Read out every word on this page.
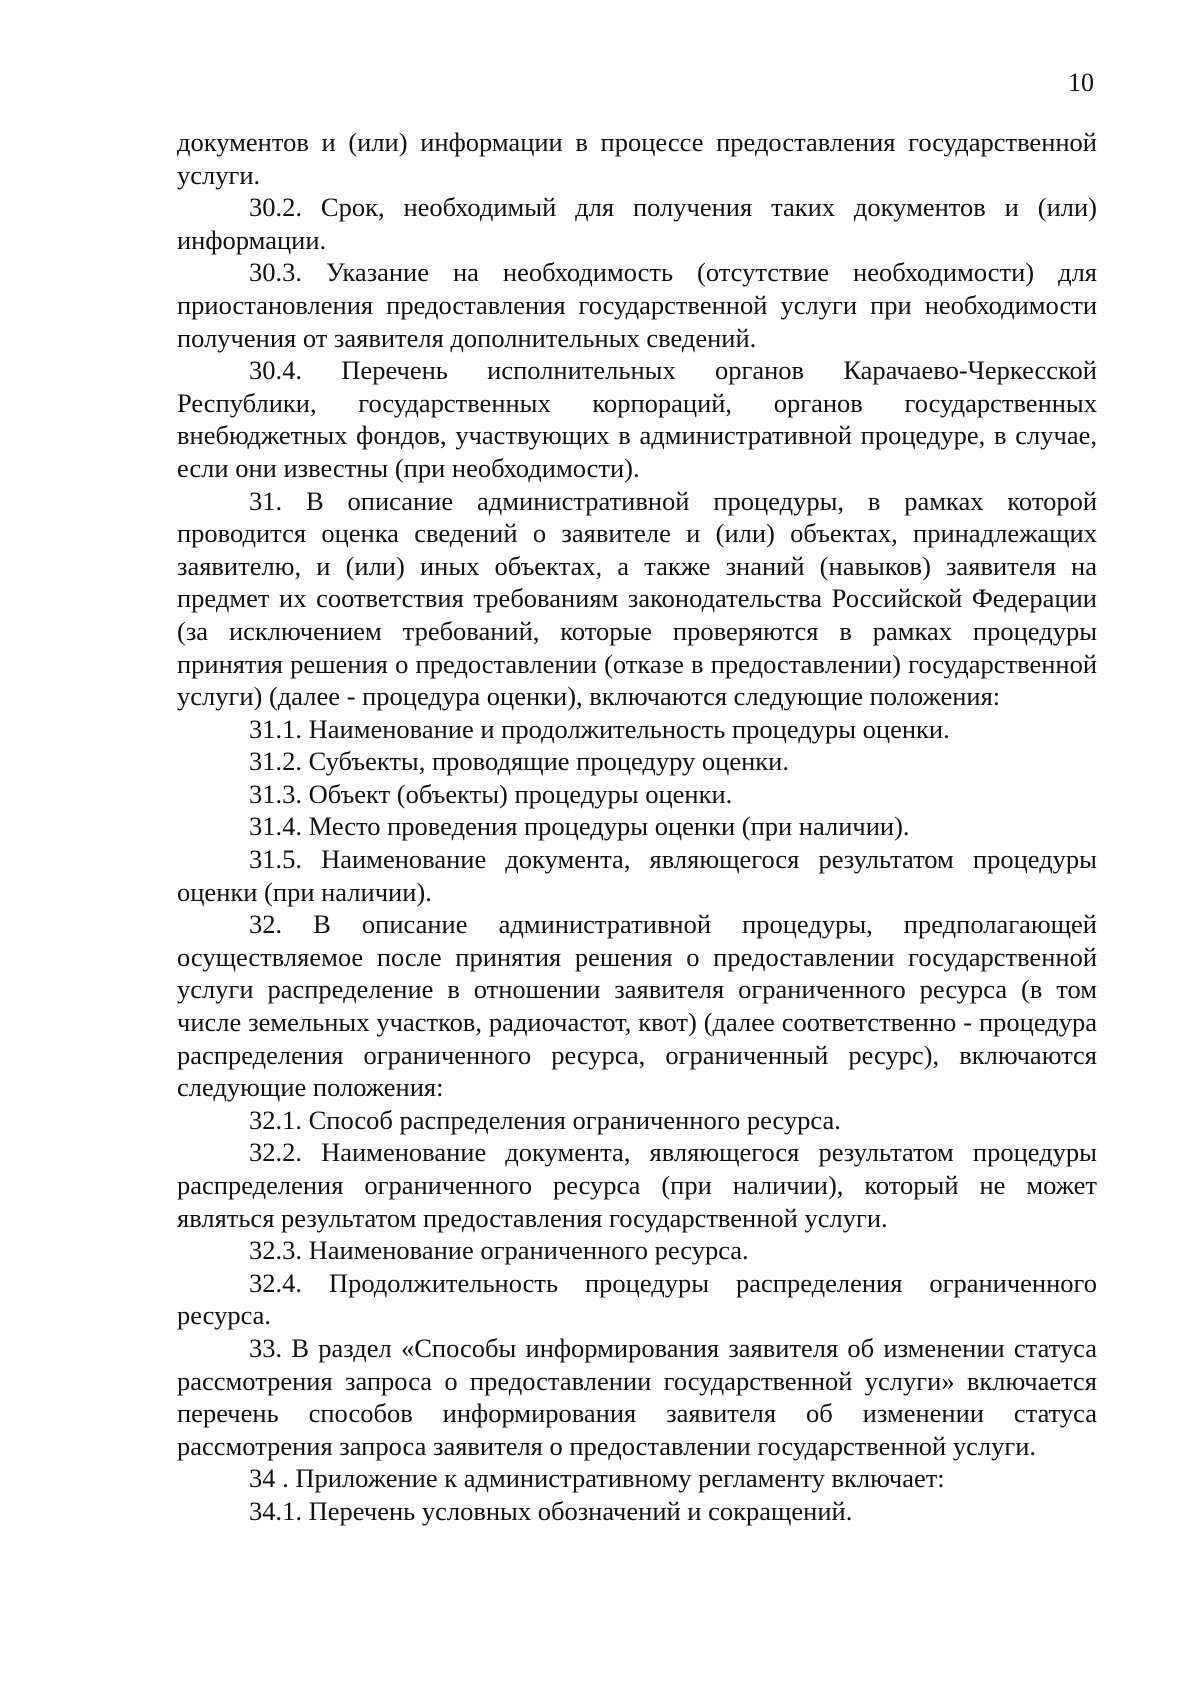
10

документов и (или) информации в процессе предоставления государственной услуги.

30.2. Срок, необходимый для получения таких документов и (или) информации.

30.3. Указание на необходимость (отсутствие необходимости) для приостановления предоставления государственной услуги при необходимости получения от заявителя дополнительных сведений.

30.4. Перечень исполнительных органов Карачаево-Черкесской Республики, государственных корпораций, органов государственных внебюджетных фондов, участвующих в административной процедуре, в случае, если они известны (при необходимости).

31. В описание административной процедуры, в рамках которой проводится оценка сведений о заявителе и (или) объектах, принадлежащих заявителю, и (или) иных объектах, а также знаний (навыков) заявителя на предмет их соответствия требованиям законодательства Российской Федерации (за исключением требований, которые проверяются в рамках процедуры принятия решения о предоставлении (отказе в предоставлении) государственной услуги) (далее - процедура оценки), включаются следующие положения:

31.1. Наименование и продолжительность процедуры оценки.

31.2. Субъекты, проводящие процедуру оценки.

31.3. Объект (объекты) процедуры оценки.

31.4. Место проведения процедуры оценки (при наличии).

31.5. Наименование документа, являющегося результатом процедуры оценки (при наличии).

32. В описание административной процедуры, предполагающей осуществляемое после принятия решения о предоставлении государственной услуги распределение в отношении заявителя ограниченного ресурса (в том числе земельных участков, радиочастот, квот) (далее соответственно - процедура распределения ограниченного ресурса, ограниченный ресурс), включаются следующие положения:

32.1. Способ распределения ограниченного ресурса.

32.2. Наименование документа, являющегося результатом процедуры распределения ограниченного ресурса (при наличии), который не может являться результатом предоставления государственной услуги.

32.3. Наименование ограниченного ресурса.

32.4. Продолжительность процедуры распределения ограниченного ресурса.

33. В раздел «Способы информирования заявителя об изменении статуса рассмотрения запроса о предоставлении государственной услуги» включается перечень способов информирования заявителя об изменении статуса рассмотрения запроса заявителя о предоставлении государственной услуги.

34 . Приложение к административному регламенту включает:

34.1. Перечень условных обозначений и сокращений.
